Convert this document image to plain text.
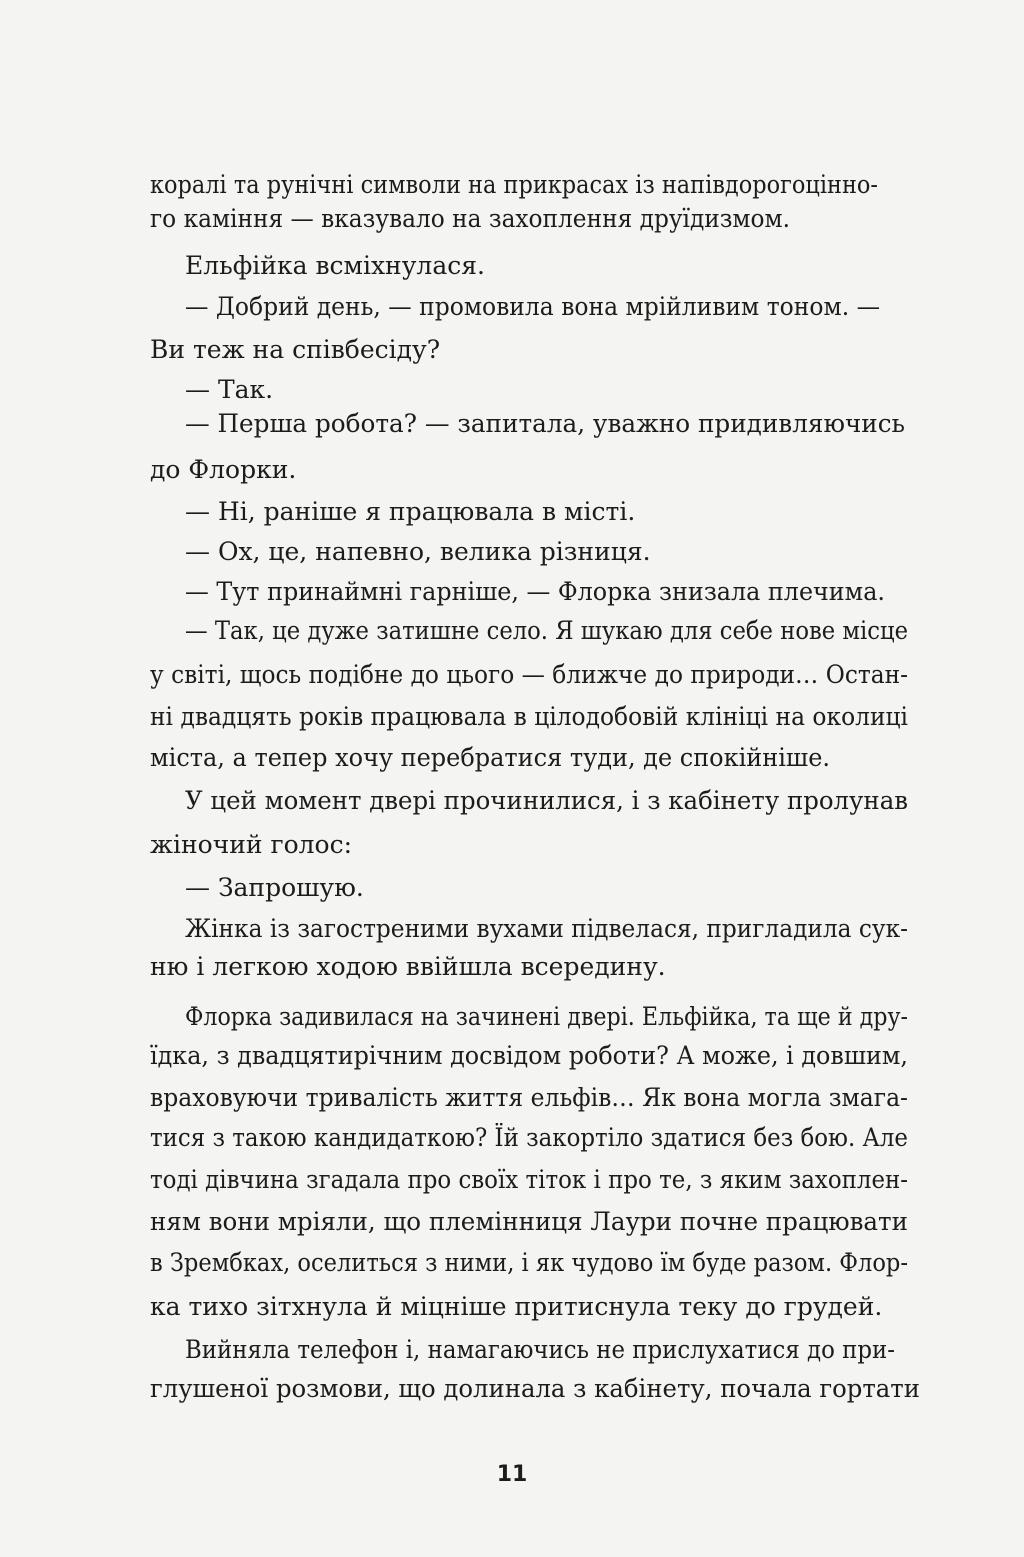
коралі та рунічні символи на прикрасах із напівдорогоцінно-
го каміння — вказувало на захоплення друїдизмом.
Ельфійка всміхнулася.
— Добрий день, — промовила вона мрійливим тоном. —
Ви теж на співбесіду?
— Так.
— Перша робота? — запитала, уважно придивляючись
до Флорки.
— Ні, раніше я працювала в місті.
— Ох, це, напевно, велика різниця.
— Тут принаймні гарніше, — Флорка знизала плечима.
— Так, це дуже затишне село. Я шукаю для себе нове місце
у світі, щось подібне до цього — ближче до природи… Остан-
ні двадцять років працювала в цілодобовій клініці на околиці
міста, а тепер хочу перебратися туди, де спокійніше.
У цей момент двері прочинилися, і з кабінету пролунав
жіночий голос:
— Запрошую.
Жінка із загостреними вухами підвелася, пригладила сук-
ню і легкою ходою ввійшла всередину.
Флорка задивилася на зачинені двері. Ельфійка, та ще й дру-
їдка, з двадцятирічним досвідом роботи? А може, і довшим,
враховуючи тривалість життя ельфів… Як вона могла змага-
тися з такою кандидаткою? Їй закортіло здатися без бою. Але
тоді дівчина згадала про своїх тіток і про те, з яким захоплен-
ням вони мріяли, що племінниця Лаури почне працювати
в Зрембках, оселиться з ними, і як чудово їм буде разом. Флор-
ка тихо зітхнула й міцніше притиснула теку до грудей.
Вийняла телефон і, намагаючись не прислухатися до при-
глушеної розмови, що долинала з кабінету, почала гортати
11
